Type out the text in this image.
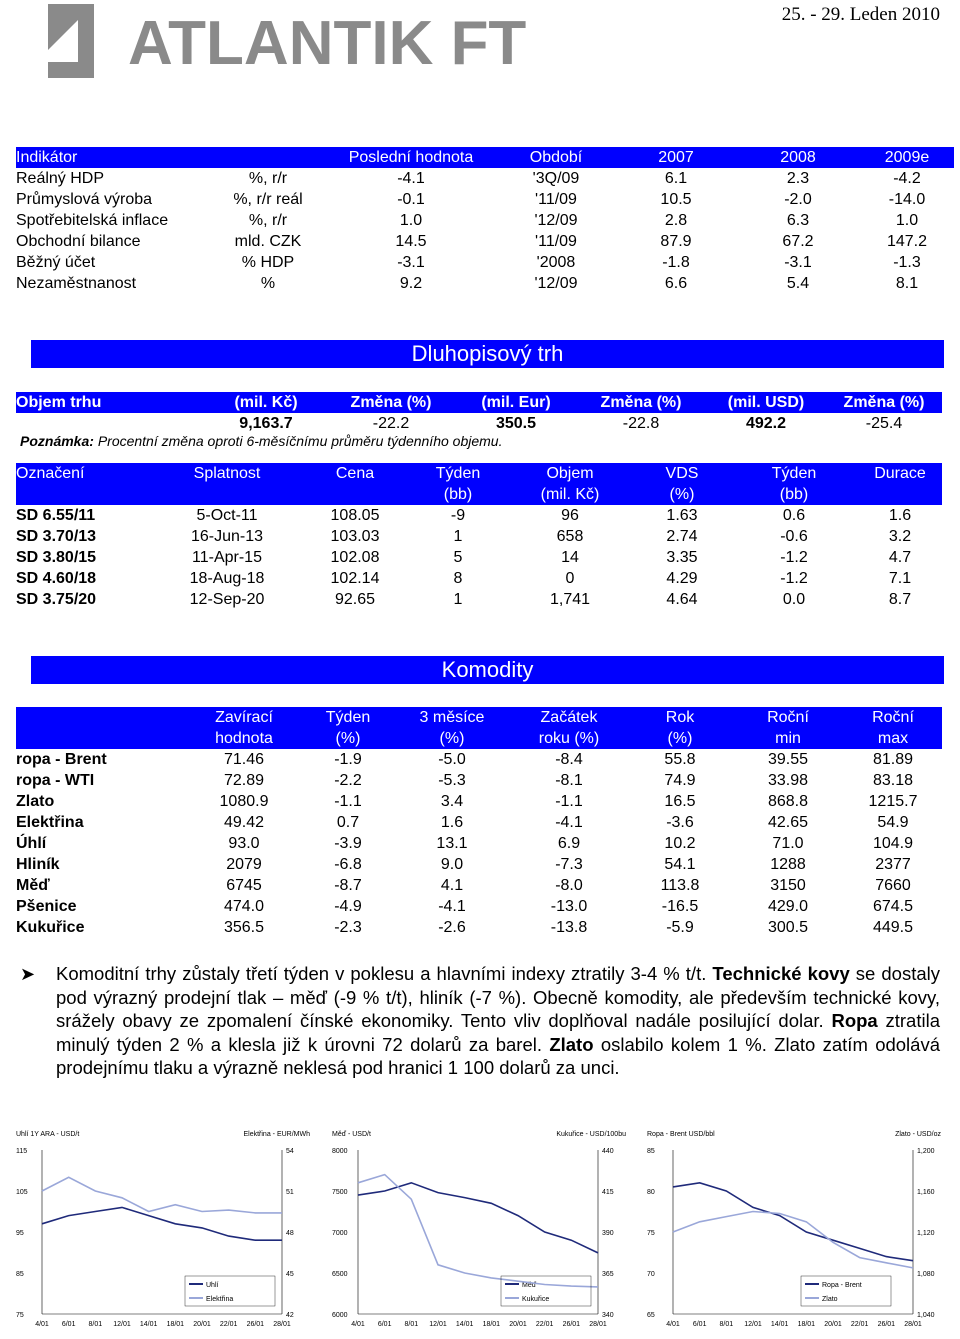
ATLANTIK FT	25. - 29. Leden 2010
Indikátor		Poslední hodnota	Období	2007	2008	2009e
Reálný HDP	%, r/r	-4.1	'3Q/09	6.1	2.3	-4.2
Průmyslová výroba	%, r/r reál	-0.1	'11/09	10.5	-2.0	-14.0
Spotřebitelská inflace	%, r/r	1.0	'12/09	2.8	6.3	1.0
Obchodní bilance	mld. CZK	14.5	'11/09	87.9	67.2	147.2
Běžný účet	% HDP	-3.1	'2008	-1.8	-3.1	-1.3
Nezaměstnanost	%	9.2	'12/09	6.6	5.4	8.1
Dluhopisový trh
Objem trhu	(mil. Kč)	Změna (%)	(mil. Eur)	Změna (%)	(mil. USD)	Změna (%)
	9,163.7	-22.2	350.5	-22.8	492.2	-25.4
Poznámka: Procentní změna oproti 6-měsíčnímu průměru týdenního objemu.
Označení	Splatnost	Cena	Týden	Objem	VDS	Týden	Durace
			(bb)	(mil. Kč)	(%)	(bb)	
SD 6.55/11	5-Oct-11	108.05	-9	96	1.63	0.6	1.6
SD 3.70/13	16-Jun-13	103.03	1	658	2.74	-0.6	3.2
SD 3.80/15	11-Apr-15	102.08	5	14	3.35	-1.2	4.7
SD 4.60/18	18-Aug-18	102.14	8	0	4.29	-1.2	7.1
SD 3.75/20	12-Sep-20	92.65	1	1,741	4.64	0.0	8.7
Komodity
	Zavírací	Týden	3 měsíce	Začátek	Rok	Roční	Roční
	hodnota	(%)	(%)	roku (%)	(%)	min	max
ropa - Brent	71.46	-1.9	-5.0	-8.4	55.8	39.55	81.89
ropa - WTI	72.89	-2.2	-5.3	-8.1	74.9	33.98	83.18
Zlato	1080.9	-1.1	3.4	-1.1	16.5	868.8	1215.7
Elektřina	49.42	0.7	1.6	-4.1	-3.6	42.65	54.9
Úhlí	93.0	-3.9	13.1	6.9	10.2	71.0	104.9
Hliník	2079	-6.8	9.0	-7.3	54.1	1288	2377
Měď	6745	-8.7	4.1	-8.0	113.8	3150	7660
Pšenice	474.0	-4.9	-4.1	-13.0	-16.5	429.0	674.5
Kukuřice	356.5	-2.3	-2.6	-13.8	-5.9	300.5	449.5
➤ Komoditní trhy zůstaly třetí týden v poklesu a hlavními indexy ztratily 3-4 % t/t. Technické kovy se dostaly pod výrazný prodejní tlak – měď (-9 % t/t), hliník (-7 %). Obecně komodity, ale především technické kovy, srážely obavy ze zpomalení čínské ekonomiky. Tento vliv doplňoval nadále posilující dolar. Ropa ztratila minulý týden 2 % a klesla již k úrovni 72 dolarů za barel. Zlato oslabilo kolem 1 %. Zlato zatím odolává prodejnímu tlaku a výrazně neklesá pod hranici 1 100 dolarů za unci.
Uhlí 1Y ARA - USD/t	Elektřina - EUR/MWh
115
105
95
85
75
54
51
48
45
42
4/01 6/01 8/01 12/01 14/01 18/01 20/01 22/01 26/01 28/01
Uhlí
Elektřina
Měď - USD/t	Kukuřice - USD/100bu
8000
7500
7000
6500
6000
440
415
390
365
340
4/01 6/01 8/01 12/01 14/01 18/01 20/01 22/01 26/01 28/01
Měď
Kukuřice
Ropa - Brent USD/bbl	Zlato - USD/oz
85
80
75
70
65
1,200
1,160
1,120
1,080
1,040
4/01 6/01 8/01 12/01 14/01 18/01 20/01 22/01 26/01 28/01
Ropa - Brent
Zlato
